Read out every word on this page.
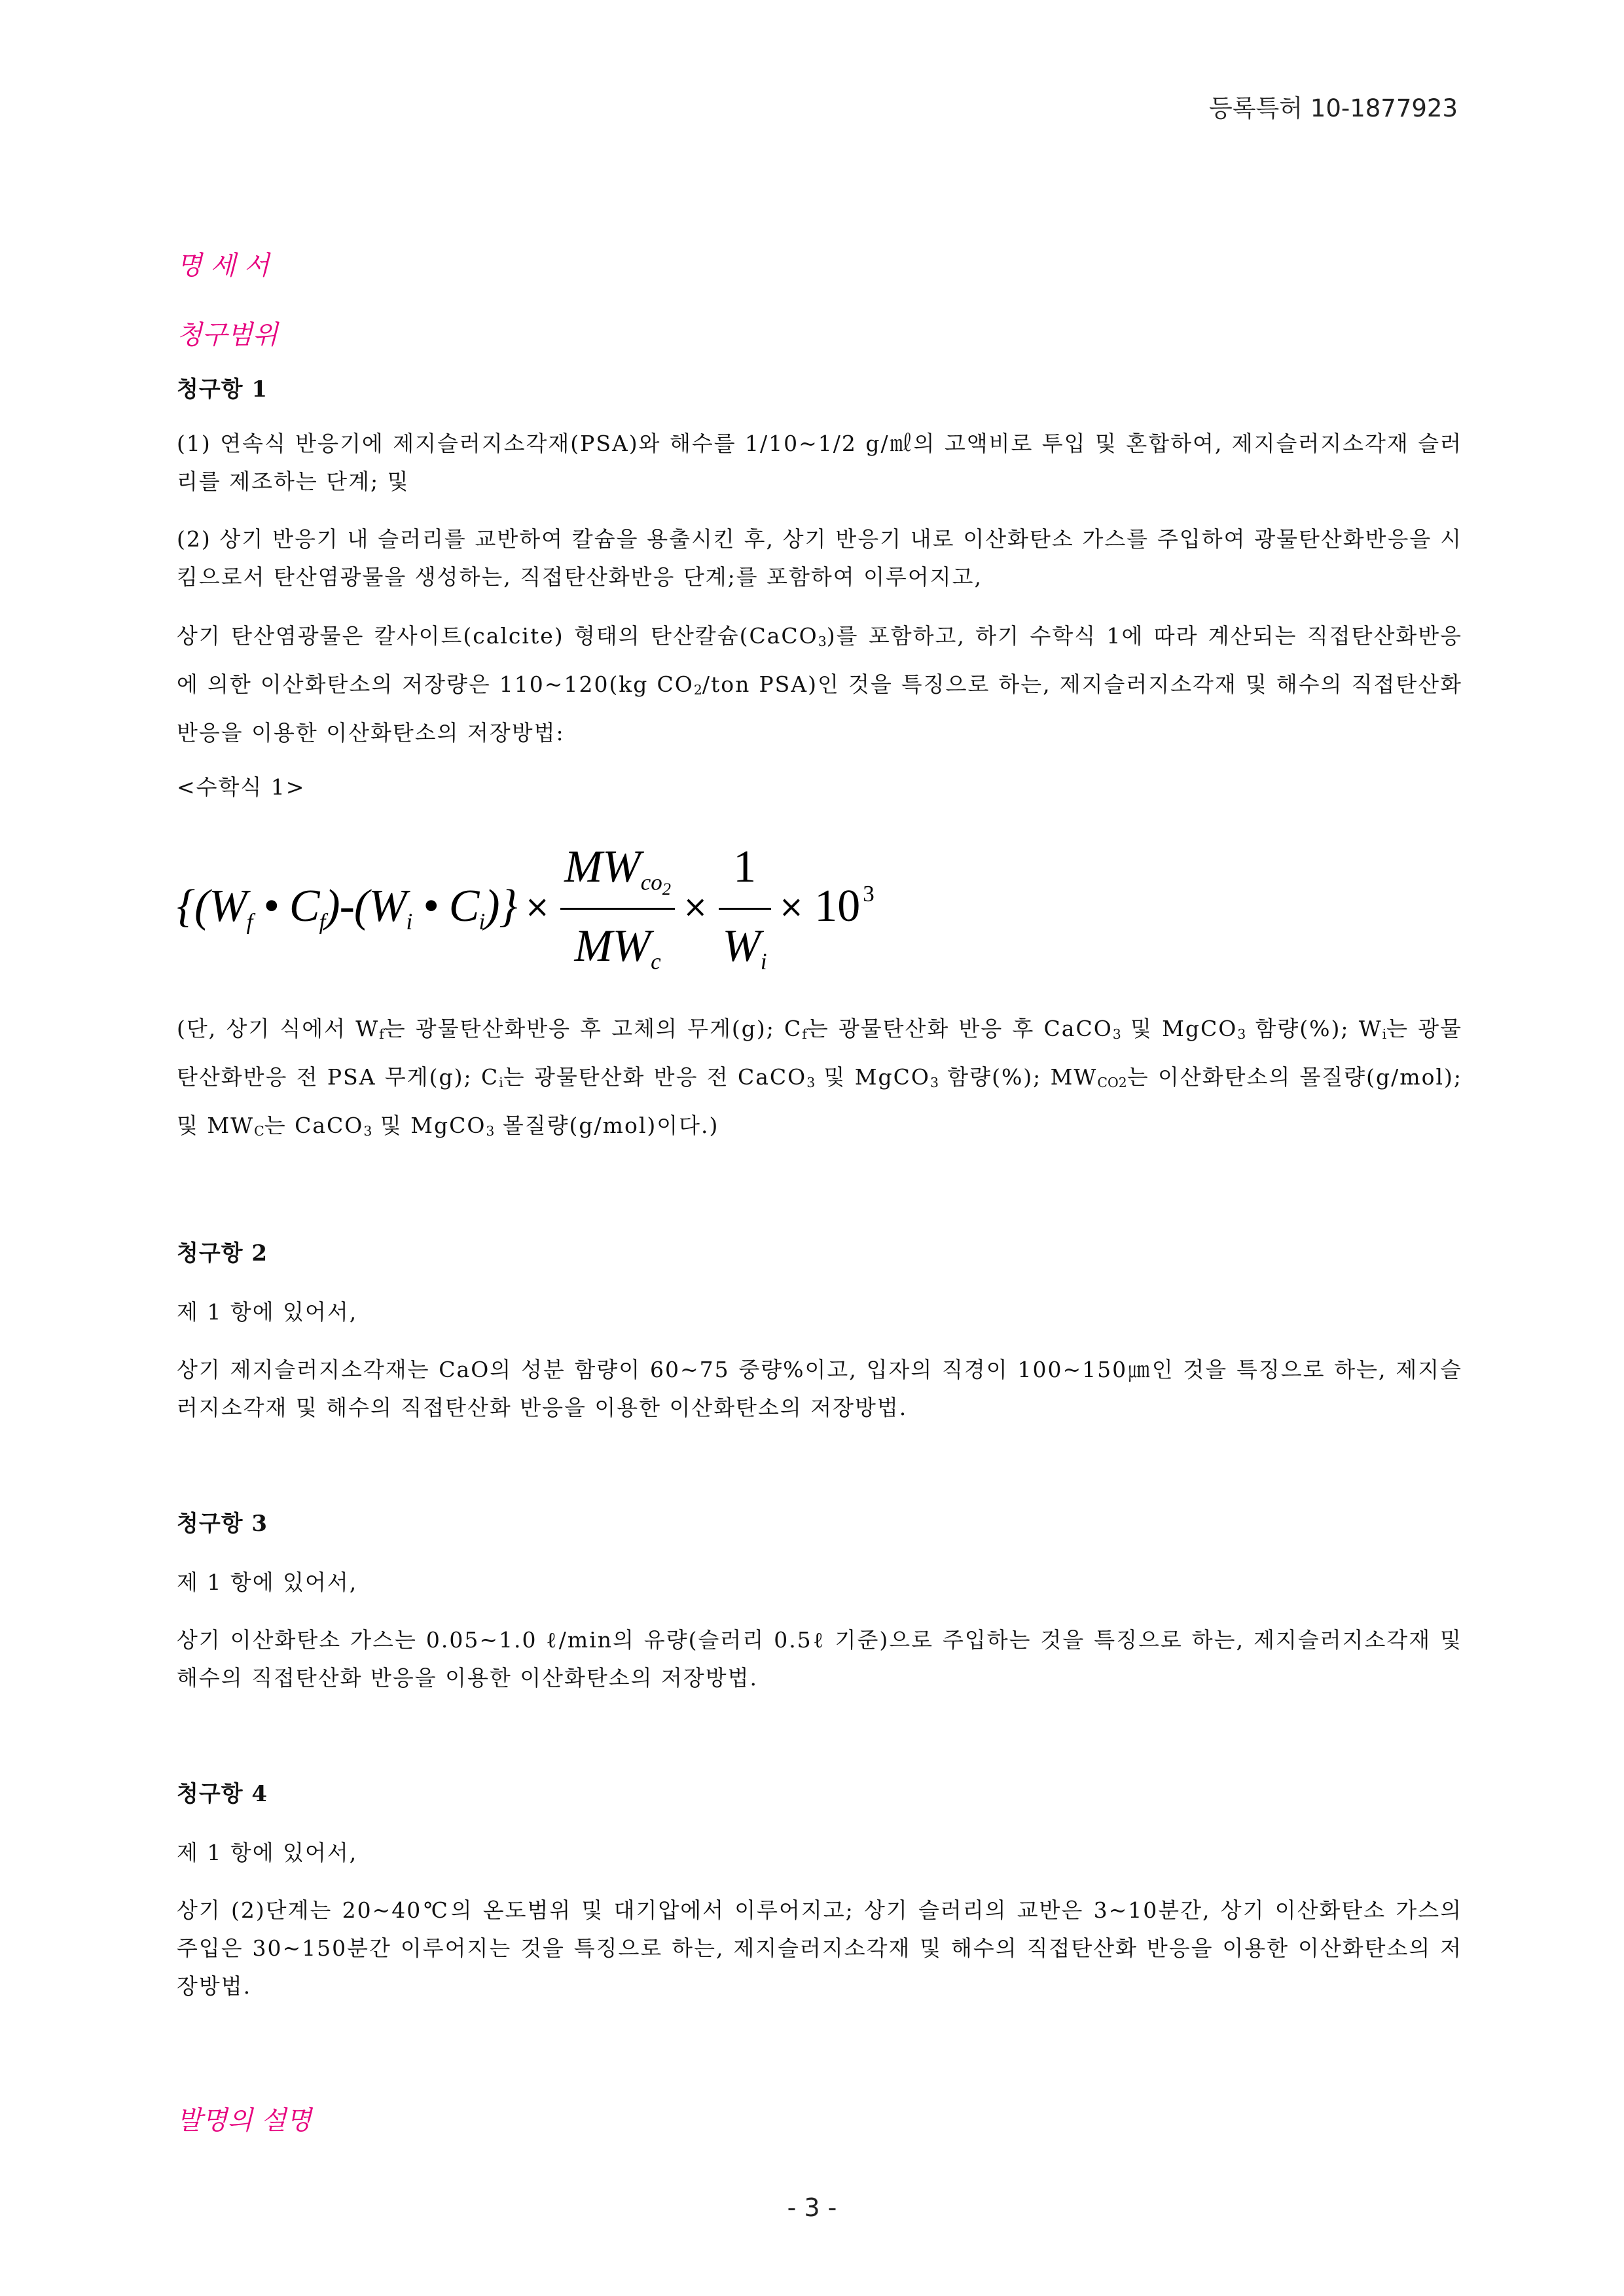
등록특허 10-1877923
명 세 서
청구범위
청구항 1

(1) 연속식 반응기에 제지슬러지소각재(PSA)와 해수를 1/10~1/2 g/㎖의 고액비로 투입 및 혼합하여, 제지슬러지소각재 슬러리를 제조하는 단계; 및

(2) 상기 반응기 내 슬러리를 교반하여 칼슘을 용출시킨 후, 상기 반응기 내로 이산화탄소 가스를 주입하여 광물탄산화반응을 시킴으로서 탄산염광물을 생성하는, 직접탄산화반응 단계;를 포함하여 이루어지고,

상기 탄산염광물은 칼사이트(calcite) 형태의 탄산칼슘(CaCO3)를 포함하고, 하기 수학식 1에 따라 계산되는 직접탄산화반응에 의한 이산화탄소의 저장량은 110~120(kg CO2/ton PSA)인 것을 특징으로 하는, 제지슬러지소각재 및 해수의 직접탄산화 반응을 이용한 이산화탄소의 저장방법:

<수학식 1>

{($W_f$ • $C_f)-(W_i$ • $C_i)\} \times \frac{MW_{co2}}{MW_c} \times \frac{1}{W_i} \times 10$ $^3$

(단, 상기 식에서 Wf는 광물탄산화반응 후 고체의 무게(g); Cf는 광물탄산화 반응 후 CaCO3 및 MgCO3 함량(%); Wi는 광물탄산화반응 전 PSA 무게(g); Ci는 광물탄산화 반응 전 CaCO3 및 MgCO3 함량(%); MWCO2는 이산화탄소의 몰질량(g/mol); 및 MWC는 CaCO3 및 MgCO3 몰질량(g/mol)이다.)

청구항 2

제 1 항에 있어서,

상기 제지슬러지소각재는 CaO의 성분 함량이 60~75 중량%이고, 입자의 직경이 100~150㎛인 것을 특징으로 하는, 제지슬러지소각재 및 해수의 직접탄산화 반응을 이용한 이산화탄소의 저장방법.

청구항 3

제 1 항에 있어서,

상기 이산화탄소 가스는 0.05~1.0 ℓ/min의 유량(슬러리 0.5ℓ 기준)으로 주입하는 것을 특징으로 하는, 제지슬러지소각재 및 해수의 직접탄산화 반응을 이용한 이산화탄소의 저장방법.

청구항 4

제 1 항에 있어서,

상기 (2)단계는 20~40℃의 온도범위 및 대기압에서 이루어지고; 상기 슬러리의 교반은 3~10분간, 상기 이산화탄소 가스의 주입은 30~150분간 이루어지는 것을 특징으로 하는, 제지슬러지소각재 및 해수의 직접탄산화 반응을 이용한 이산화탄소의 저장방법.

발명의 설명
- 3 -
